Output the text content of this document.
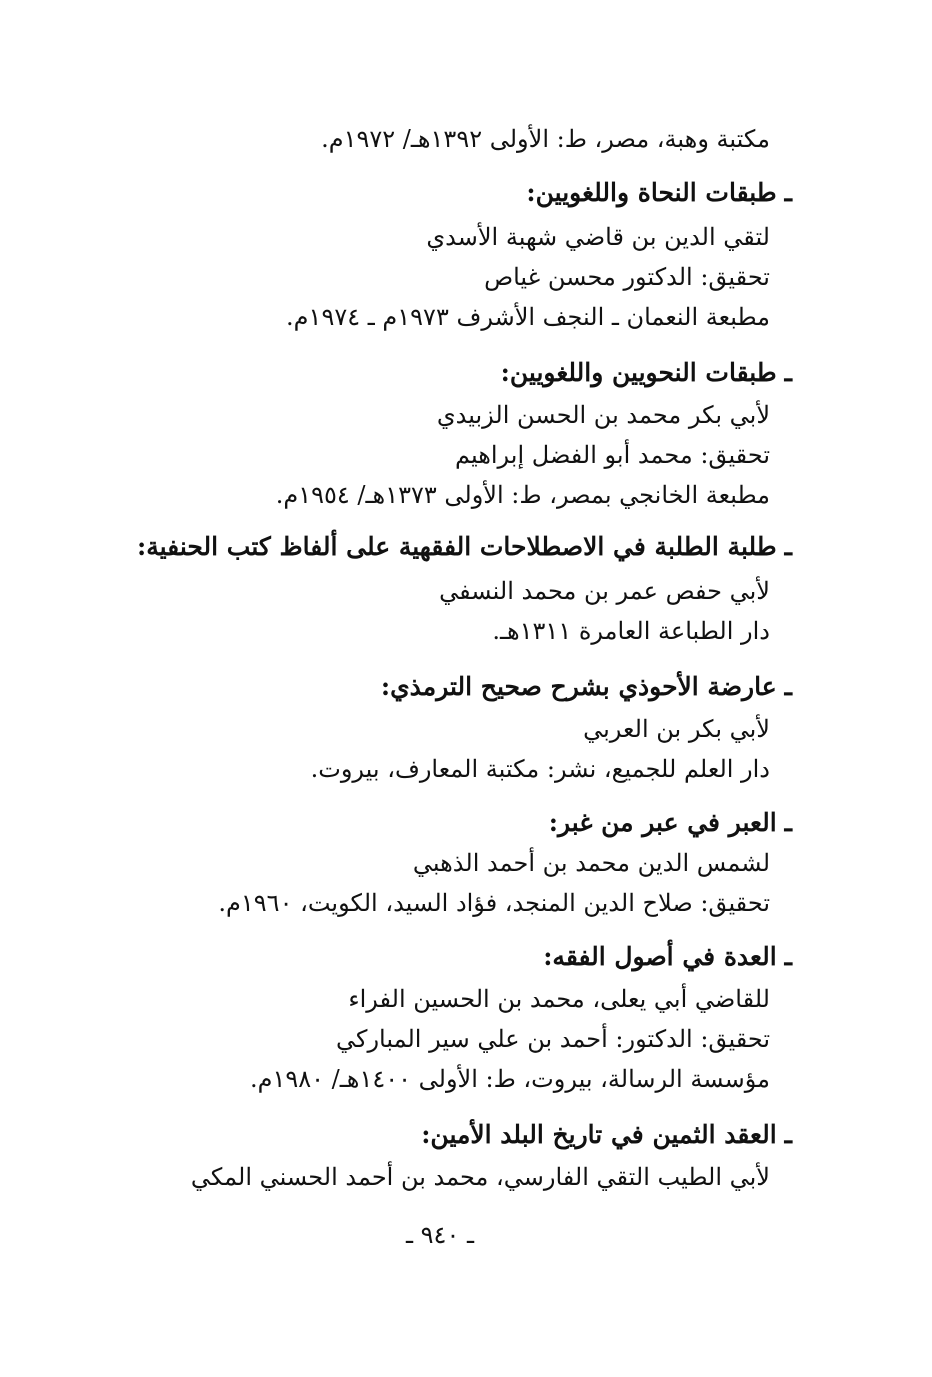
مكتبة وهبة، مصر، ط: الأولى ١٣٩٢هـ/ ١٩٧٢م.
ـطبقات النحاة واللغويين:
لتقي الدين بن قاضي شهبة الأسدي
تحقيق: الدكتور محسن غياص
مطبعة النعمان ـ النجف الأشرف ١٩٧٣م ـ ١٩٧٤م.
ـطبقات النحويين واللغويين:
لأبي بكر محمد بن الحسن الزبيدي
تحقيق: محمد أبو الفضل إبراهيم
مطبعة الخانجي بمصر، ط: الأولى ١٣٧٣هـ/ ١٩٥٤م.
ـطلبة الطلبة في الاصطلاحات الفقهية على ألفاظ كتب الحنفية:
لأبي حفص عمر بن محمد النسفي
دار الطباعة العامرة ١٣١١هـ.
ـعارضة الأحوذي بشرح صحيح الترمذي:
لأبي بكر بن العربي
دار العلم للجميع، نشر: مكتبة المعارف، بيروت.
ـالعبر في عبر من غبر:
لشمس الدين محمد بن أحمد الذهبي
تحقيق: صلاح الدين المنجد، فؤاد السيد، الكويت، ١٩٦٠م.
ـالعدة في أصول الفقه:
للقاضي أبي يعلى، محمد بن الحسين الفراء
تحقيق: الدكتور: أحمد بن علي سير المباركي
مؤسسة الرسالة، بيروت، ط: الأولى ١٤٠٠هـ/ ١٩٨٠م.
ـالعقد الثمين في تاريخ البلد الأمين:
لأبي الطيب التقي الفارسي، محمد بن أحمد الحسني المكي
ـ ٩٤٠ ـ
